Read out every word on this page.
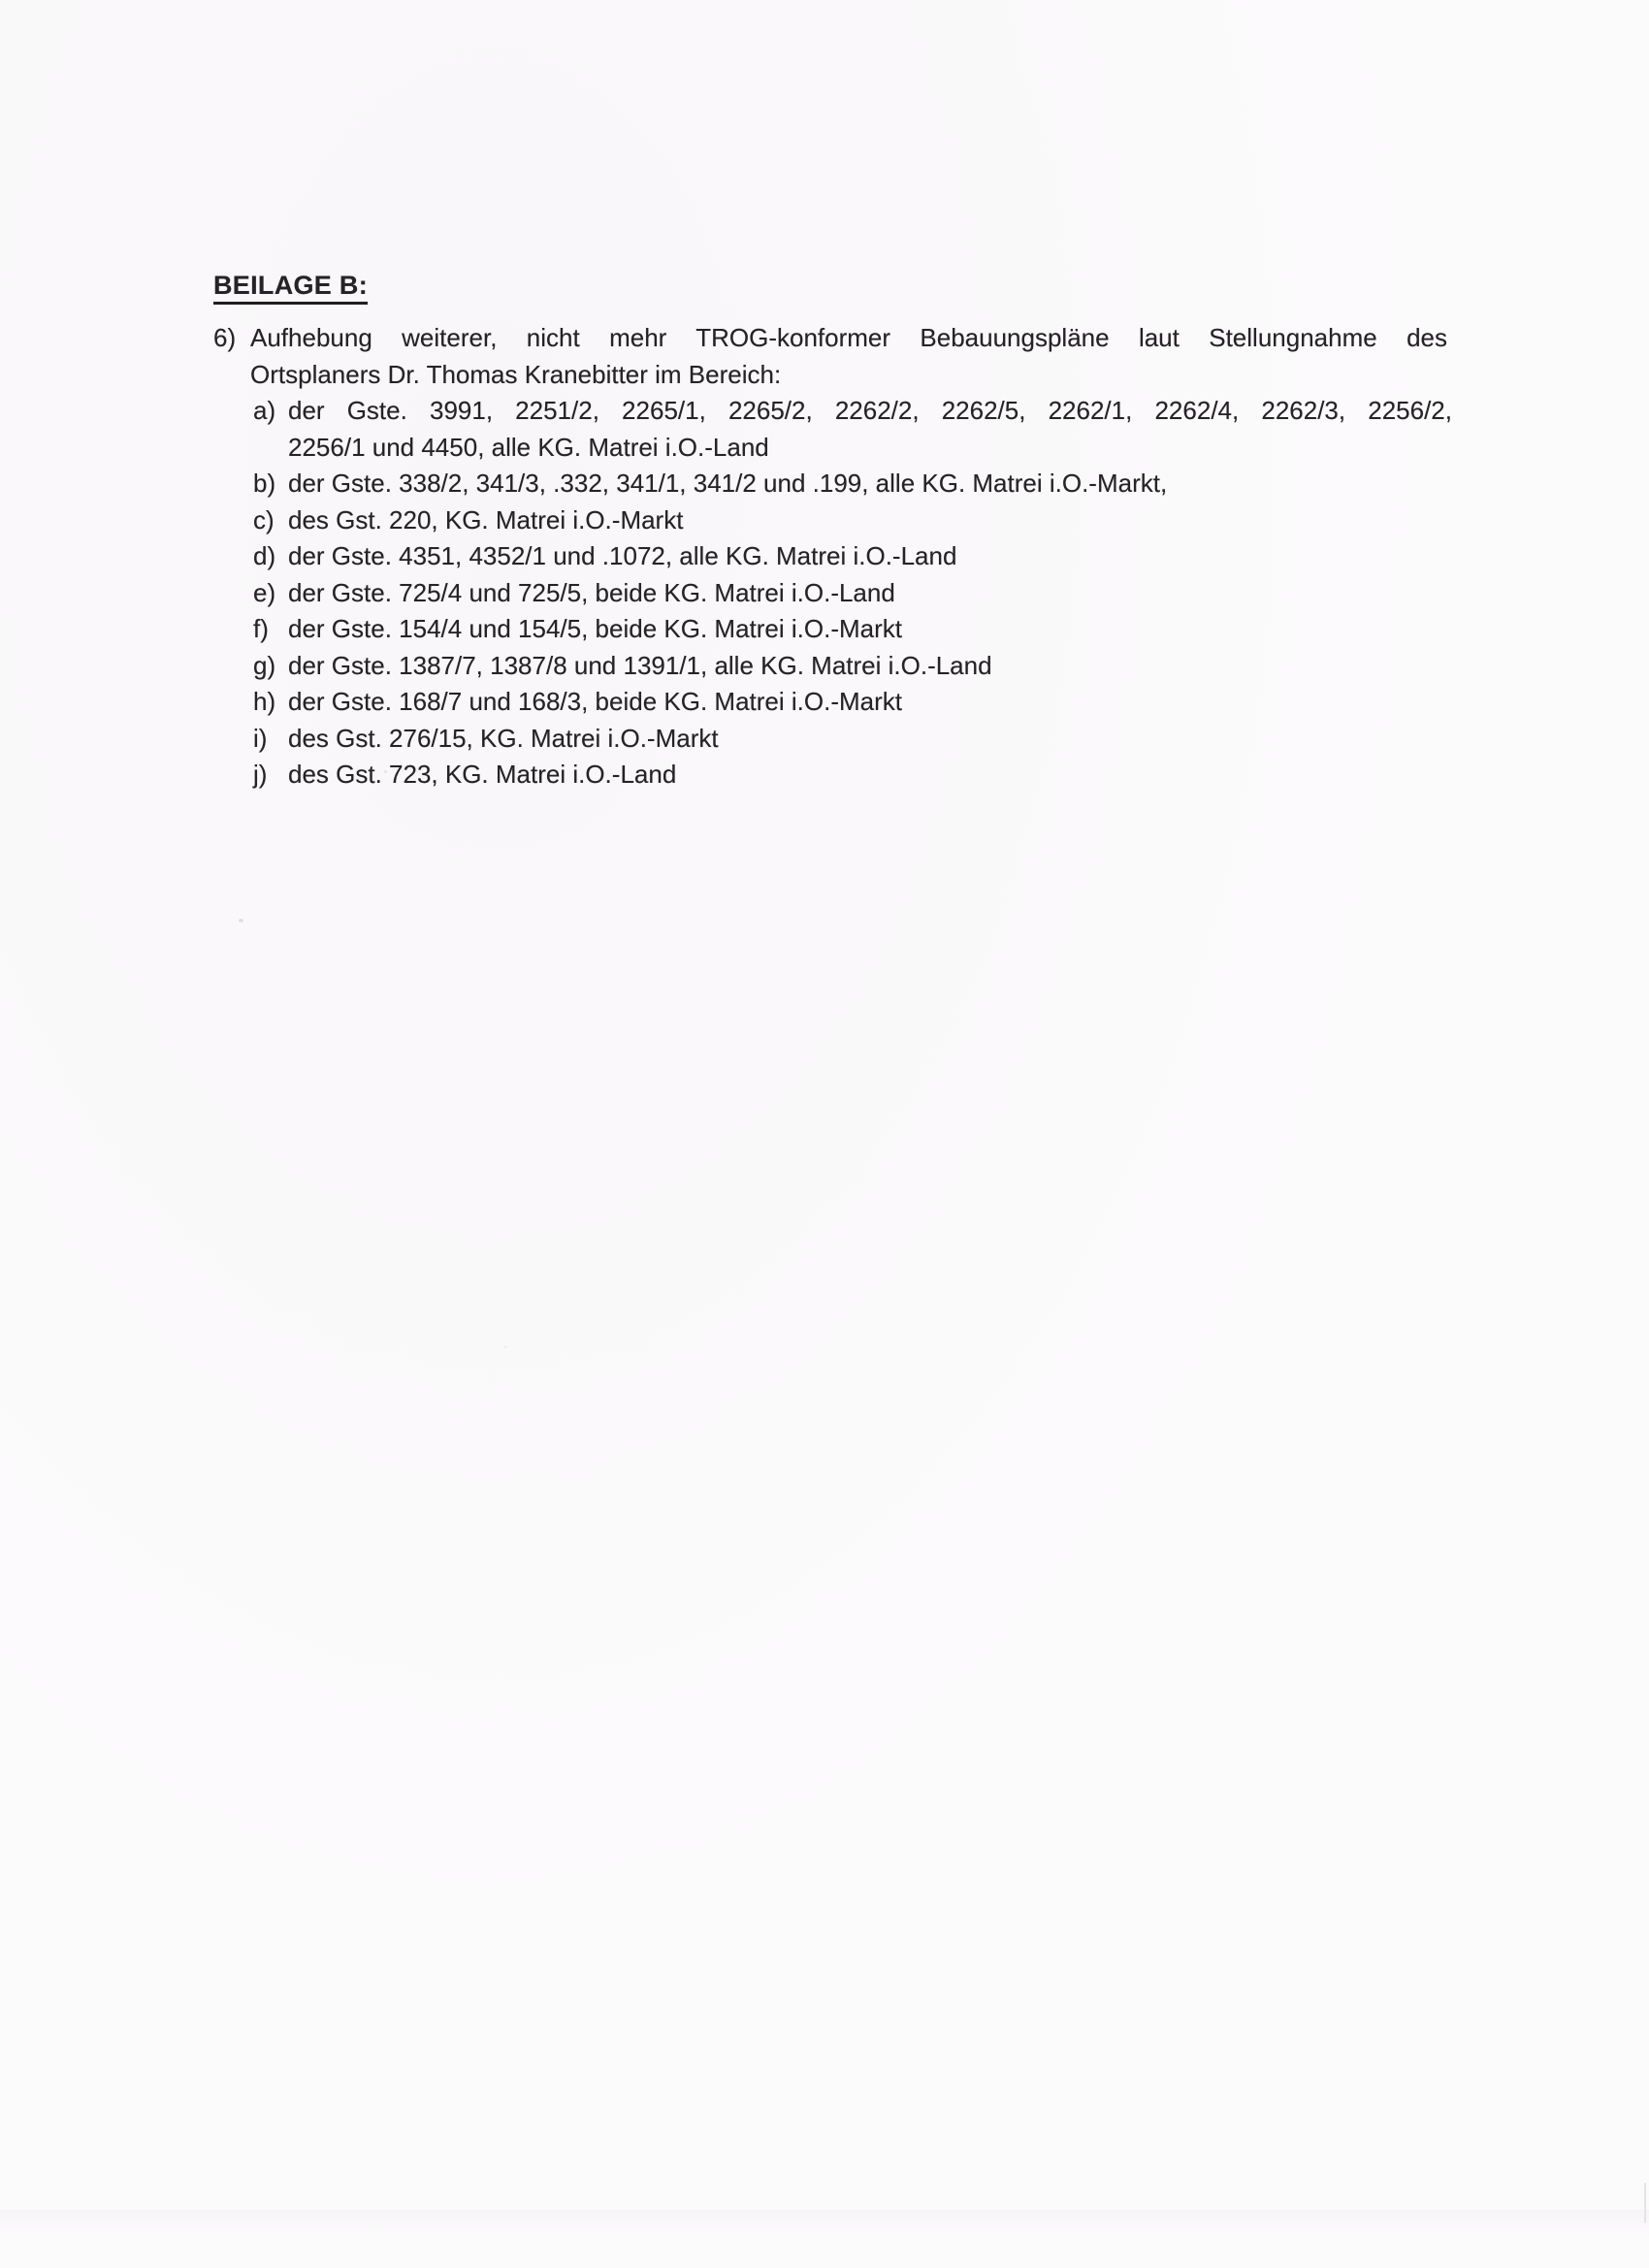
BEILAGE B:
6) Aufhebung weiterer, nicht mehr TROG-konformer Bebauungspläne laut Stellungnahme des
Ortsplaners Dr. Thomas Kranebitter im Bereich:
a) der Gste. 3991, 2251/2, 2265/1, 2265/2, 2262/2, 2262/5, 2262/1, 2262/4, 2262/3, 2256/2,
2256/1 und 4450, alle KG. Matrei i.O.-Land
b) der Gste. 338/2, 341/3, .332, 341/1, 341/2 und .199, alle KG. Matrei i.O.-Markt,
c) des Gst. 220, KG. Matrei i.O.-Markt
d) der Gste. 4351, 4352/1 und .1072, alle KG. Matrei i.O.-Land
e) der Gste. 725/4 und 725/5, beide KG. Matrei i.O.-Land
f) der Gste. 154/4 und 154/5, beide KG. Matrei i.O.-Markt
g) der Gste. 1387/7, 1387/8 und 1391/1, alle KG. Matrei i.O.-Land
h) der Gste. 168/7 und 168/3, beide KG. Matrei i.O.-Markt
i) des Gst. 276/15, KG. Matrei i.O.-Markt
j) des Gst. 723, KG. Matrei i.O.-Land
